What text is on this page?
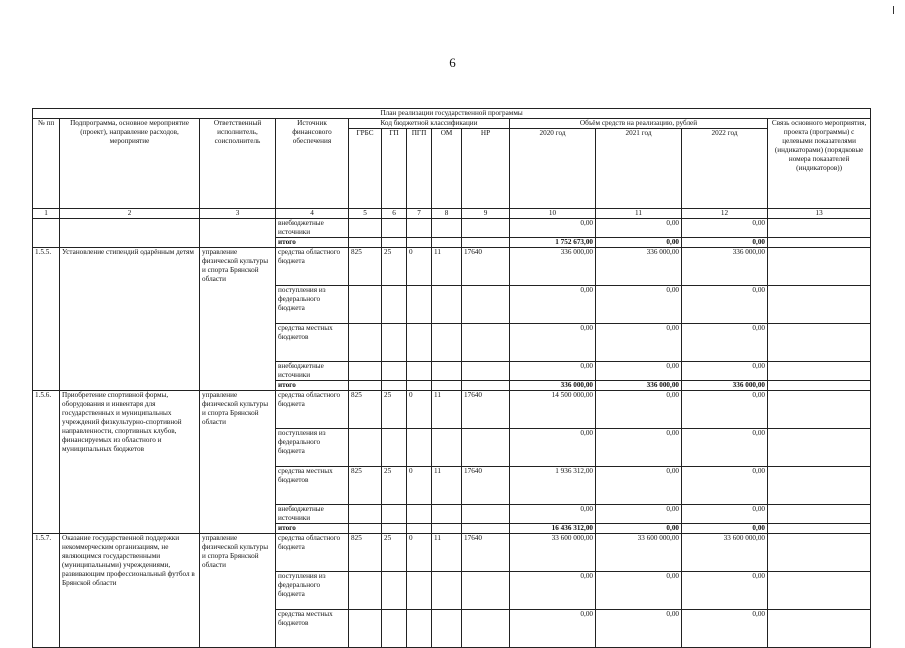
6
План реализации государственной программы												
№ пп	Подпрограмма, основное мероприятие (проект), направление расходов, мероприятие	Ответственный исполнитель, соисполнитель	Источник финансового обеспечения	Код бюджетной классификации					Объём средств на реализацию, рублей			Связь основного мероприятия, проекта (программы) с целевыми показателями (индикаторами) (порядковые номера показателей (индикаторов))
				ГРБС	ГП	ПГП	ОМ	НР	2020 год	2021 год	2022 год	
1	2	3	4	5	6	7	8	9	10	11	12	13
			внебюджетные источники						0,00	0,00	0,00	
			итого						1 752 673,00	0,00	0,00	
1.5.5.	Установление стипендий одарённым детям	управление физической культуры и спорта Брянской области	средства областного бюджета	825	25	0	11	17640	336 000,00	336 000,00	336 000,00	
			поступления из федерального бюджета						0,00	0,00	0,00	
			средства местных бюджетов						0,00	0,00	0,00	
			внебюджетные источники						0,00	0,00	0,00	
			итого						336 000,00	336 000,00	336 000,00	
1.5.6.	Приобретение спортивной формы, оборудования и инвентаря для государственных и муниципальных учреждений физкультурно-спортивной направленности, спортивных клубов, финансируемых из областного и муниципальных бюджетов	управление физической культуры и спорта Брянской области	средства областного бюджета	825	25	0	11	17640	14 500 000,00	0,00	0,00	
			поступления из федерального бюджета						0,00	0,00	0,00	
			средства местных бюджетов	825	25	0	11	17640	1 936 312,00	0,00	0,00	
			внебюджетные источники						0,00	0,00	0,00	
			итого						16 436 312,00	0,00	0,00	
1.5.7.	Оказание государственной поддержки некоммерческим организациям, не являющимся государственными (муниципальными) учреждениями, развивающим профессиональный футбол в Брянской области	управление физической культуры и спорта Брянской области	средства областного бюджета	825	25	0	11	17640	33 600 000,00	33 600 000,00	33 600 000,00	
			поступления из федерального бюджета						0,00	0,00	0,00	
			средства местных бюджетов						0,00	0,00	0,00	
